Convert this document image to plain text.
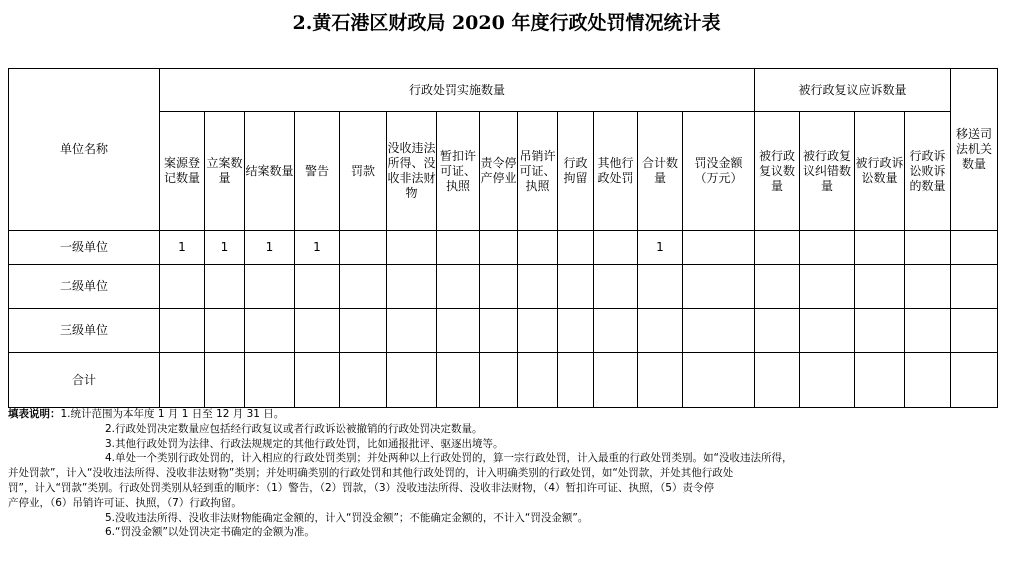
2.黄石港区财政局 2020 年度行政处罚情况统计表
单位名称	行政处罚实施数量													被行政复议应诉数量				移送司法机关数量
	案源登记数量	立案数量	结案数量	警告	罚款	没收违法所得、没收非法财物	暂扣许可证、执照	责令停产停业	吊销许可证、执照	行政拘留	其他行政处罚	合计数量	罚没金额（万元）	被行政复议数量	被行政复议纠错数量	被行政诉讼数量	行政诉讼败诉的数量	
一级单位	1	1	1	1								1						
二级单位																		
三级单位																		
合计																		
填表说明：1.统计范围为本年度 1 月 1 日至 12 月 31 日。
2.行政处罚决定数量应包括经行政复议或者行政诉讼被撤销的行政处罚决定数量。
3.其他行政处罚为法律、行政法规规定的其他行政处罚，比如通报批评、驱逐出境等。
4.单处一个类别行政处罚的，计入相应的行政处罚类别；并处两种以上行政处罚的，算一宗行政处罚，计入最重的行政处罚类别。如“没收违法所得，
并处罚款”，计入“没收违法所得、没收非法财物”类别；并处明确类别的行政处罚和其他行政处罚的，计入明确类别的行政处罚，如“处罚款，并处其他行政处
罚”，计入“罚款”类别。行政处罚类别从轻到重的顺序：（1）警告，（2）罚款，（3）没收违法所得、没收非法财物，（4）暂扣许可证、执照，（5）责令停
产停业，（6）吊销许可证、执照，（7）行政拘留。
5.没收违法所得、没收非法财物能确定金额的，计入“罚没金额”；不能确定金额的，不计入“罚没金额”。
6.“罚没金额”以处罚决定书确定的金额为准。
